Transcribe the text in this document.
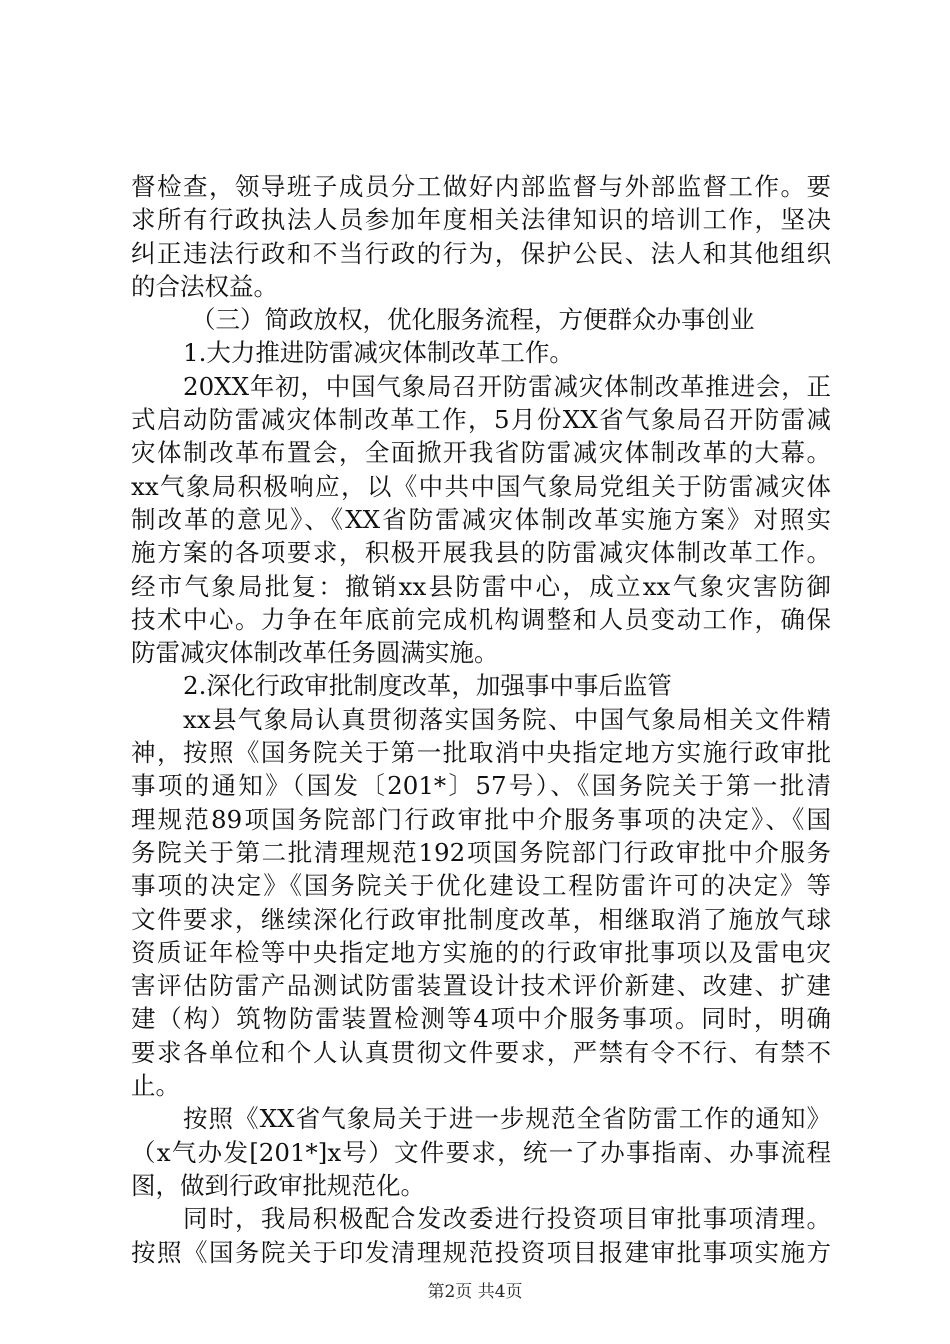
督检查，领导班子成员分工做好内部监督与外部监督工作。要
求所有行政执法人员参加年度相关法律知识的培训工作，坚决
纠正违法行政和不当行政的行为，保护公民、法人和其他组织
的合法权益。
（三）简政放权，优化服务流程，方便群众办事创业
1.大力推进防雷减灾体制改革工作。
20XX年初，中国气象局召开防雷减灾体制改革推进会，正
式启动防雷减灾体制改革工作，5月份XX省气象局召开防雷减
灾体制改革布置会，全面掀开我省防雷减灾体制改革的大幕。
xx气象局积极响应，以《中共中国气象局党组关于防雷减灾体
制改革的意见》、《XX省防雷减灾体制改革实施方案》对照实
施方案的各项要求，积极开展我县的防雷减灾体制改革工作。
经市气象局批复：撤销xx县防雷中心，成立xx气象灾害防御
技术中心。力争在年底前完成机构调整和人员变动工作，确保
防雷减灾体制改革任务圆满实施。
2.深化行政审批制度改革，加强事中事后监管
xx县气象局认真贯彻落实国务院、中国气象局相关文件精
神，按照《国务院关于第一批取消中央指定地方实施行政审批
事项的通知》（国发〔201*〕57号）、《国务院关于第一批清
理规范89项国务院部门行政审批中介服务事项的决定》、《国
务院关于第二批清理规范192项国务院部门行政审批中介服务
事项的决定》《国务院关于优化建设工程防雷许可的决定》等
文件要求，继续深化行政审批制度改革，相继取消了施放气球
资质证年检等中央指定地方实施的的行政审批事项以及雷电灾
害评估防雷产品测试防雷装置设计技术评价新建、改建、扩建
建（构）筑物防雷装置检测等4项中介服务事项。同时，明确
要求各单位和个人认真贯彻文件要求，严禁有令不行、有禁不
止。
按照《XX省气象局关于进一步规范全省防雷工作的通知》
（x气办发[201*]x号）文件要求，统一了办事指南、办事流程
图，做到行政审批规范化。
同时，我局积极配合发改委进行投资项目审批事项清理。
按照《国务院关于印发清理规范投资项目报建审批事项实施方
第2页 共4页
